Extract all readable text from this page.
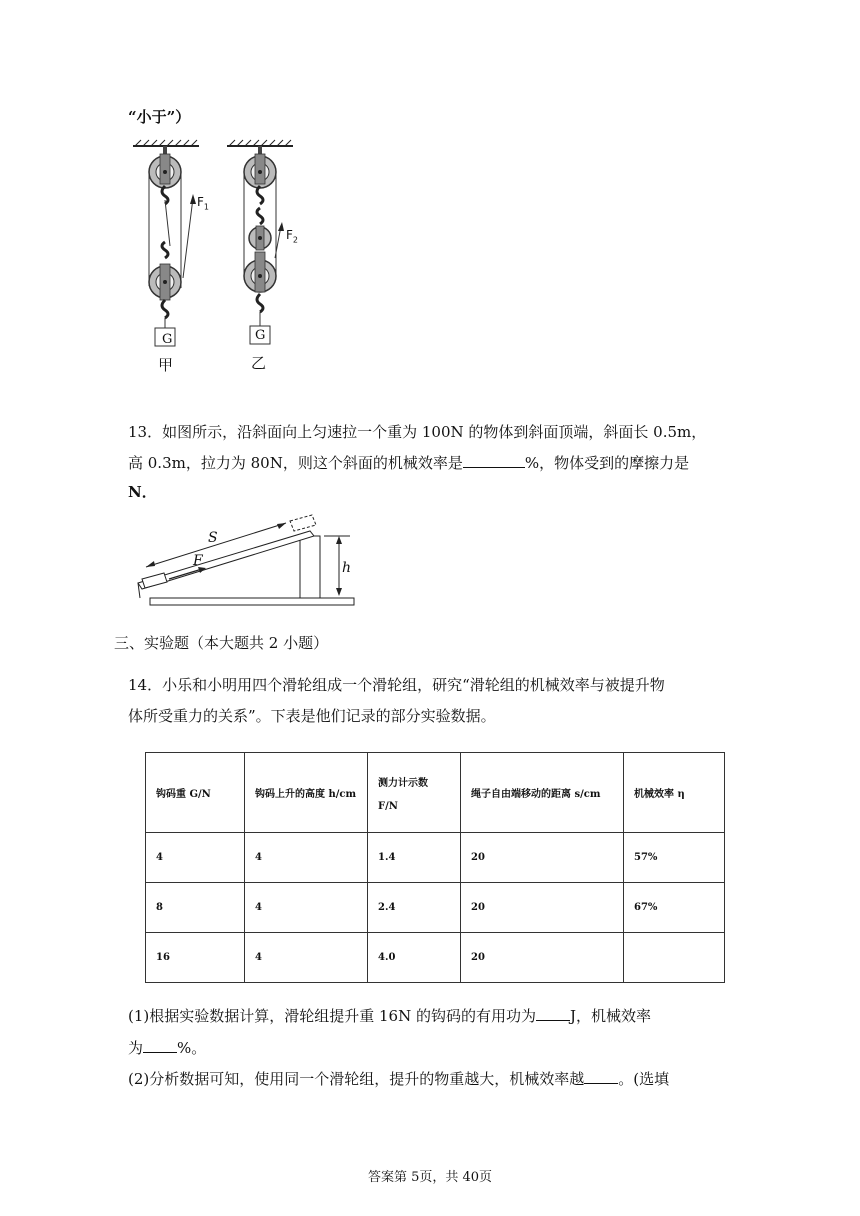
“小于”）
G	G
$F_1$
$F_2$
甲	乙
13．如图所示，沿斜面向上匀速拉一个重为 100N 的物体到斜面顶端，斜面长 0.5m，
高 0.3m，拉力为 80N，则这个斜面的机械效率是	%，物体受到的摩擦力是
N．
S
F	h
三、实验题（本大题共 2 小题）
14．小乐和小明用四个滑轮组成一个滑轮组，研究“滑轮组的机械效率与被提升物
体所受重力的关系”。下表是他们记录的部分实验数据。
钩码重 G/N	钩码上升的高度 h/cm	测力计示数
F/N	绳子自由端移动的距离 s/cm	机械效率 η
4	4	1.4	20	57%
8	4	2.4	20	67%
16	4	4.0	20	
(1)根据实验数据计算，滑轮组提升重 16N 的钩码的有用功为 J，机械效率
为 %。
(2)分析数据可知，使用同一个滑轮组，提升的物重越大，机械效率越 。(选填
答案第 5页，共 40页
